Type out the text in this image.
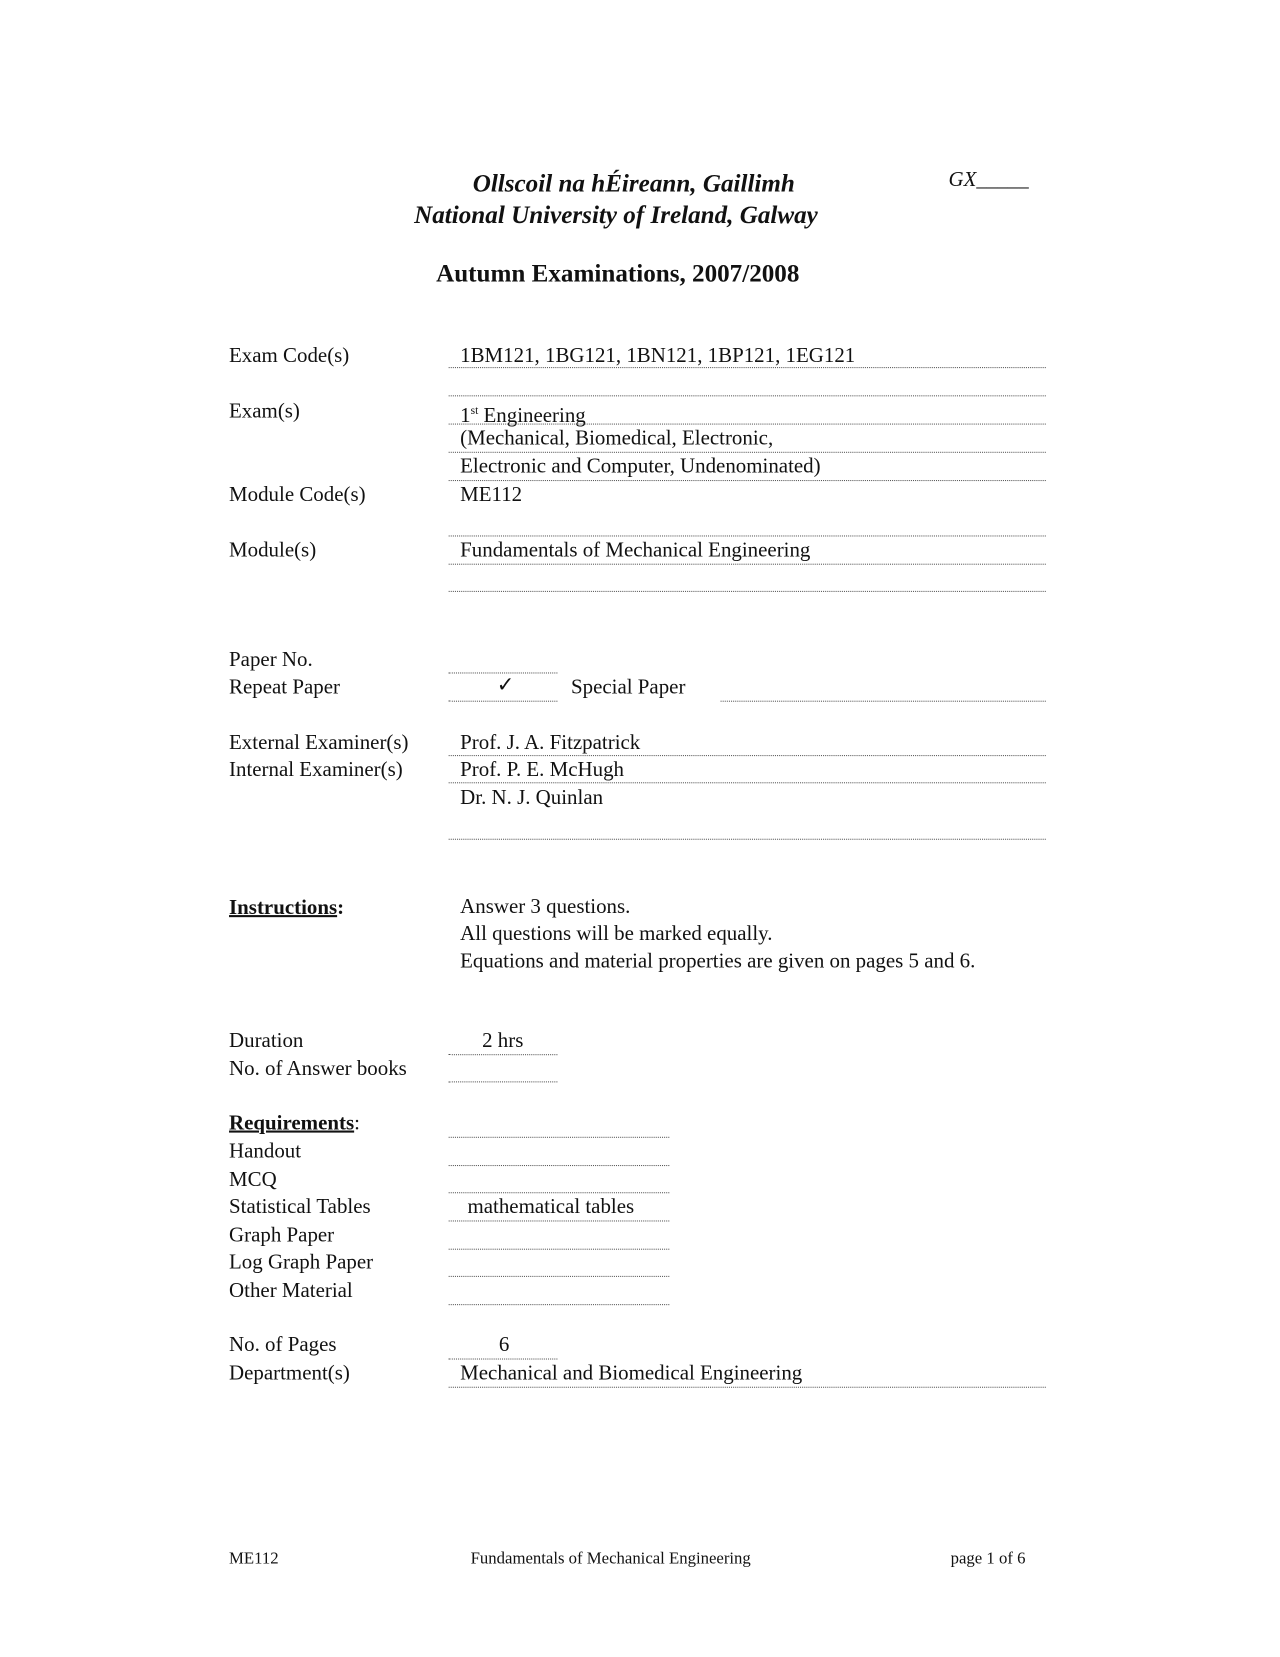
Ollscoil na hÉireann, Gaillimh
National University of Ireland, Galway
GX_____
Autumn Examinations, 2007/2008
Exam Code(s)	1BM121, 1BG121, 1BN121, 1BP121, 1EG121
Exam(s)	1st Engineering
(Mechanical, Biomedical, Electronic,
Electronic and Computer, Undenominated)
Module Code(s)	ME112
Module(s)	Fundamentals of Mechanical Engineering
Paper No.
Repeat Paper	✓	Special Paper
External Examiner(s)	Prof. J. A. Fitzpatrick
Internal Examiner(s)	Prof. P. E. McHugh
Dr. N. J. Quinlan
Instructions:	Answer 3 questions.
All questions will be marked equally.
Equations and material properties are given on pages 5 and 6.
Duration	2 hrs
No. of Answer books
Requirements:
Handout
MCQ
Statistical Tables	mathematical tables
Graph Paper
Log Graph Paper
Other Material
No. of Pages	6
Department(s)	Mechanical and Biomedical Engineering
ME112	Fundamentals of Mechanical Engineering	page 1 of 6
